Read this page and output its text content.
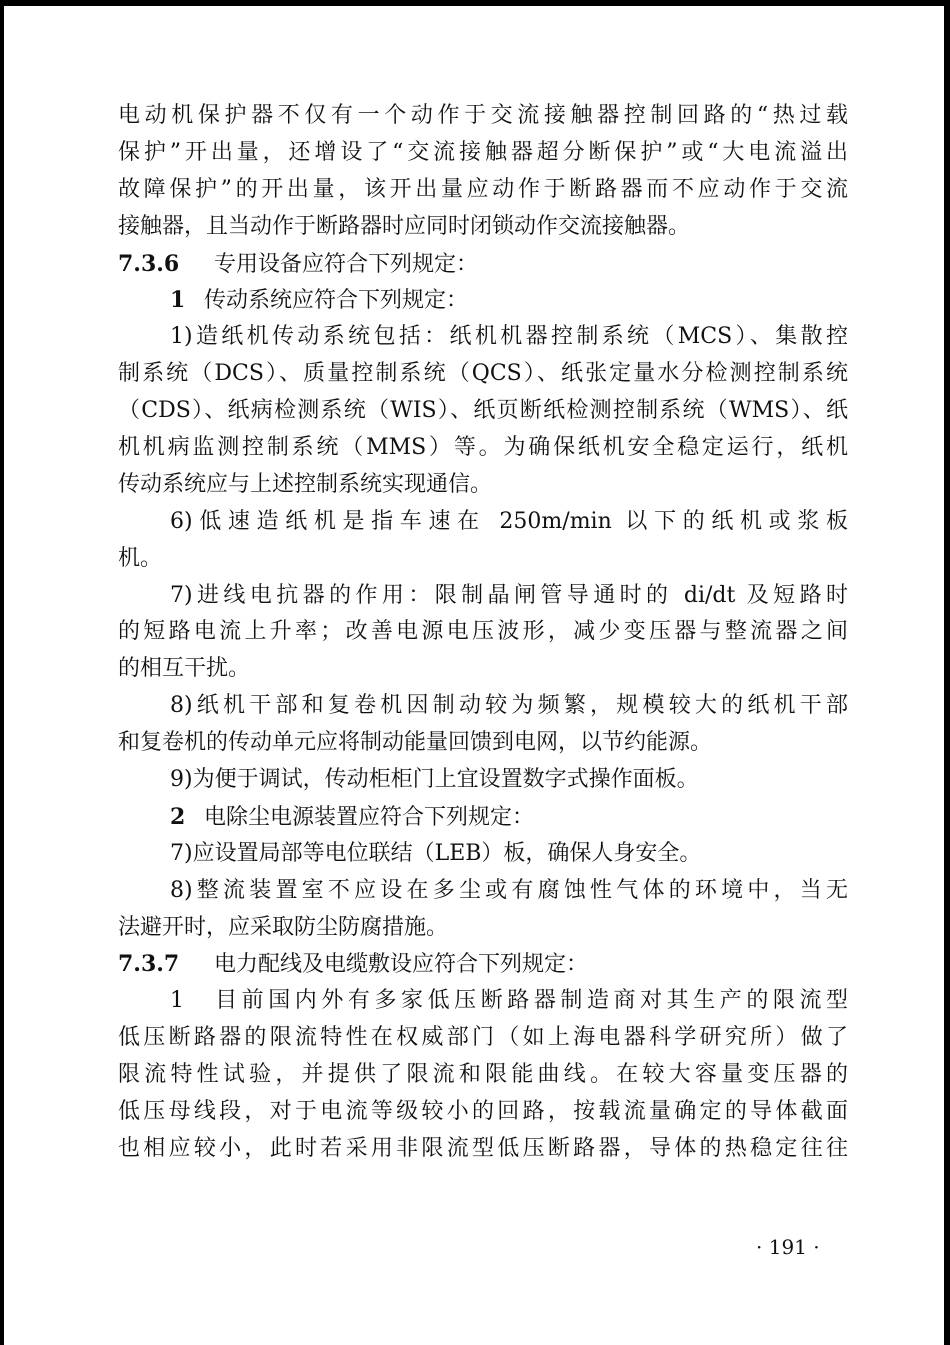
电动机保护器不仅有一个动作于交流接触器控制回路的“热过载
保护”开出量，还增设了“交流接触器超分断保护”或“大电流溢出
故障保护”的开出量，该开出量应动作于断路器而不应动作于交流
接触器，且当动作于断路器时应同时闭锁动作交流接触器。
7.3.6 专用设备应符合下列规定：
1 传动系统应符合下列规定：
1)造纸机传动系统包括：纸机机器控制系统（MCS）、集散控
制系统（DCS）、质量控制系统（QCS）、纸张定量水分检测控制系统
（CDS）、纸病检测系统（WIS）、纸页断纸检测控制系统（WMS）、纸
机机病监测控制系统（MMS）等。为确保纸机安全稳定运行，纸机
传动系统应与上述控制系统实现通信。
6)低速造纸机是指车速在 250m/min 以下的纸机或浆板
机。
7)进线电抗器的作用：限制晶闸管导通时的 di/dt 及短路时
的短路电流上升率；改善电源电压波形，减少变压器与整流器之间
的相互干扰。
8)纸机干部和复卷机因制动较为频繁，规模较大的纸机干部
和复卷机的传动单元应将制动能量回馈到电网，以节约能源。
9)为便于调试，传动柜柜门上宜设置数字式操作面板。
2 电除尘电源装置应符合下列规定：
7)应设置局部等电位联结（LEB）板，确保人身安全。
8)整流装置室不应设在多尘或有腐蚀性气体的环境中，当无
法避开时，应采取防尘防腐措施。
7.3.7 电力配线及电缆敷设应符合下列规定：
1　目前国内外有多家低压断路器制造商对其生产的限流型
低压断路器的限流特性在权威部门（如上海电器科学研究所）做了
限流特性试验，并提供了限流和限能曲线。在较大容量变压器的
低压母线段，对于电流等级较小的回路，按载流量确定的导体截面
也相应较小，此时若采用非限流型低压断路器，导体的热稳定往往
· 191 ·
